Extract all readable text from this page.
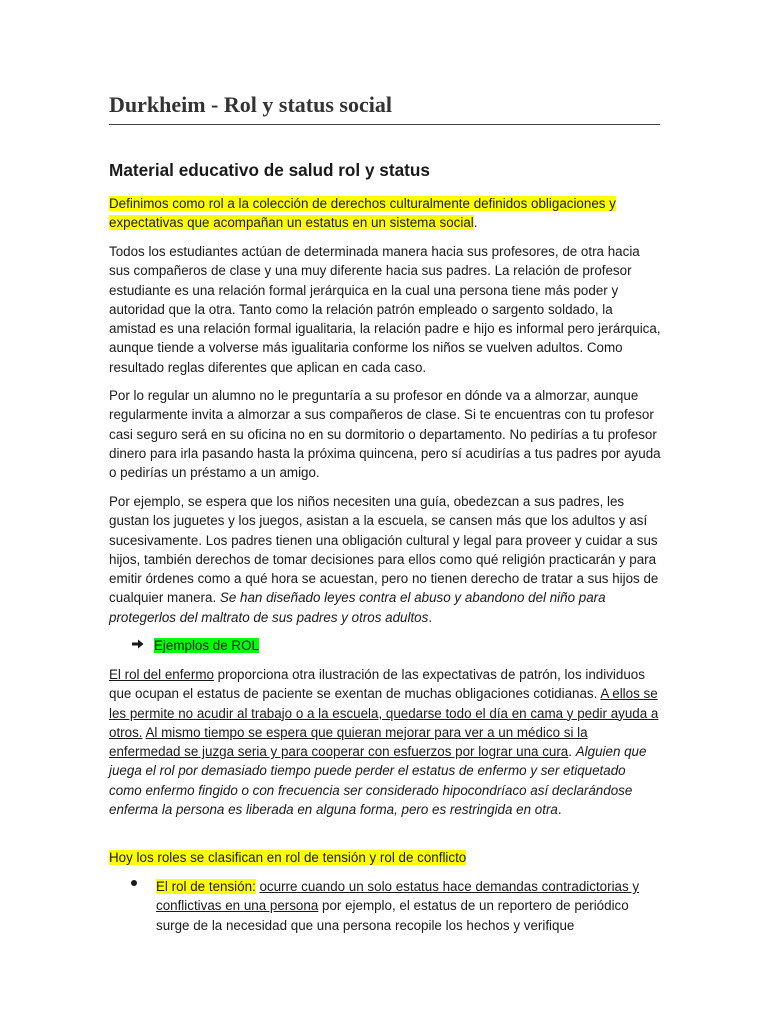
Durkheim - Rol y status social
Material educativo de salud rol y status

Definimos como rol a la colección de derechos culturalmente definidos obligaciones y expectativas que acompañan un estatus en un sistema social.

Todos los estudiantes actúan de determinada manera hacia sus profesores, de otra hacia sus compañeros de clase y una muy diferente hacia sus padres. La relación de profesor estudiante es una relación formal jerárquica en la cual una persona tiene más poder y autoridad que la otra. Tanto como la relación patrón empleado o sargento soldado, la amistad es una relación formal igualitaria, la relación padre e hijo es informal pero jerárquica, aunque tiende a volverse más igualitaria conforme los niños se vuelven adultos. Como resultado reglas diferentes que aplican en cada caso.

Por lo regular un alumno no le preguntaría a su profesor en dónde va a almorzar, aunque regularmente invita a almorzar a sus compañeros de clase. Si te encuentras con tu profesor casi seguro será en su oficina no en su dormitorio o departamento. No pedirías a tu profesor dinero para irla pasando hasta la próxima quincena, pero sí acudirías a tus padres por ayuda o pedirías un préstamo a un amigo.

Por ejemplo, se espera que los niños necesiten una guía, obedezcan a sus padres, les gustan los juguetes y los juegos, asistan a la escuela, se cansen más que los adultos y así sucesivamente. Los padres tienen una obligación cultural y legal para proveer y cuidar a sus hijos, también derechos de tomar decisiones para ellos como qué religión practicarán y para emitir órdenes como a qué hora se acuestan, pero no tienen derecho de tratar a sus hijos de cualquier manera. Se han diseñado leyes contra el abuso y abandono del niño para protegerlos del maltrato de sus padres y otros adultos.

Ejemplos de ROL

El rol del enfermo proporciona otra ilustración de las expectativas de patrón, los individuos que ocupan el estatus de paciente se exentan de muchas obligaciones cotidianas. A ellos se les permite no acudir al trabajo o a la escuela, quedarse todo el día en cama y pedir ayuda a otros. Al mismo tiempo se espera que quieran mejorar para ver a un médico si la enfermedad se juzga seria y para cooperar con esfuerzos por lograr una cura. Alguien que juega el rol por demasiado tiempo puede perder el estatus de enfermo y ser etiquetado como enfermo fingido o con frecuencia ser considerado hipocondríaco así declarándose enferma la persona es liberada en alguna forma, pero es restringida en otra.

Hoy los roles se clasifican en rol de tensión y rol de conflicto

El rol de tensión: ocurre cuando un solo estatus hace demandas contradictorias y conflictivas en una persona por ejemplo, el estatus de un reportero de periódico surge de la necesidad que una persona recopile los hechos y verifique
